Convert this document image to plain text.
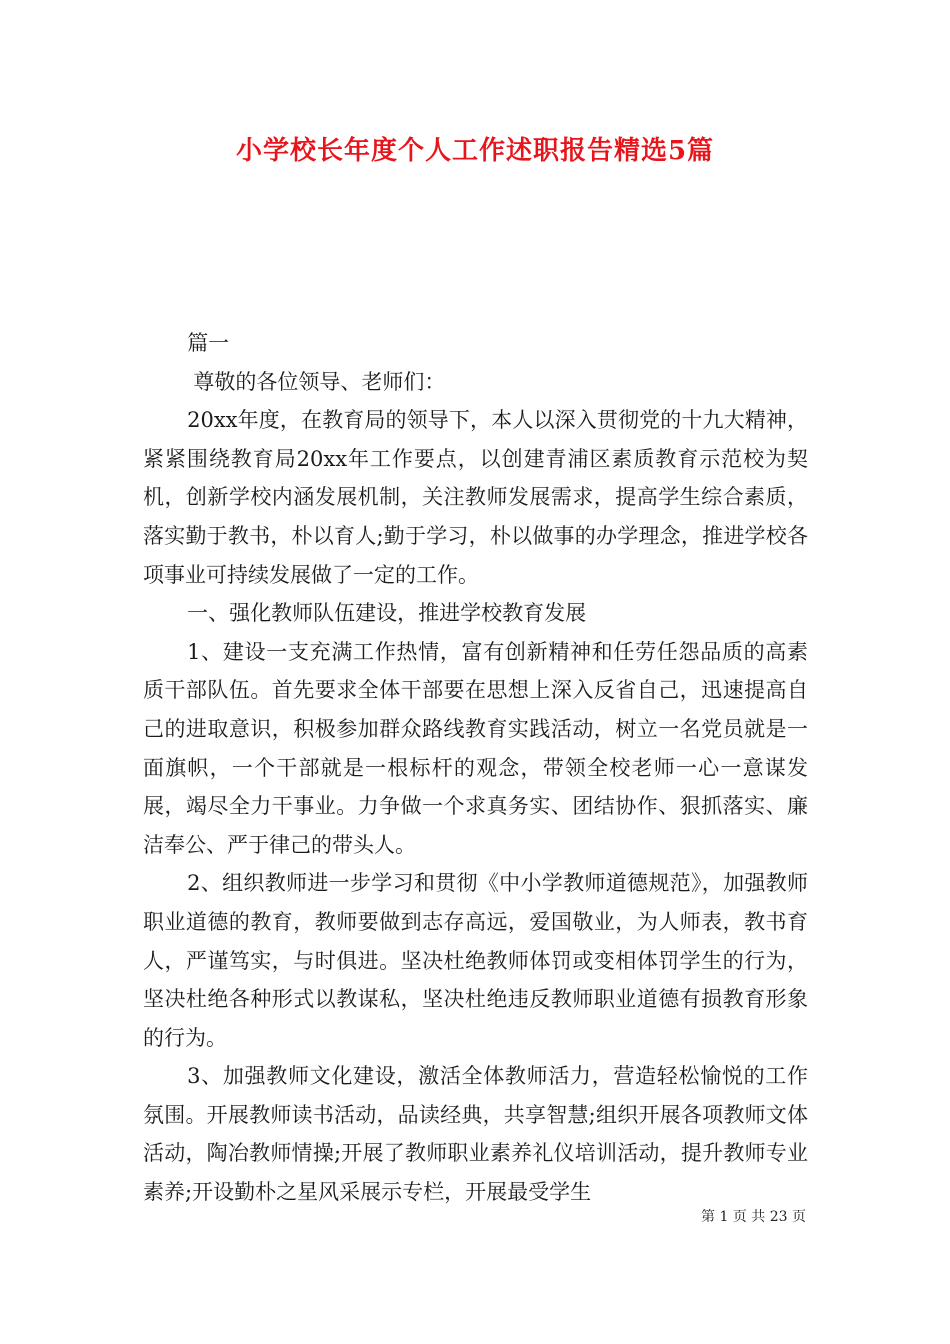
小学校长年度个人工作述职报告精选5篇

篇一

尊敬的各位领导、老师们：

20xx年度，在教育局的领导下，本人以深入贯彻党的十九大精神，紧紧围绕教育局20xx年工作要点，以创建青浦区素质教育示范校为契机，创新学校内涵发展机制，关注教师发展需求，提高学生综合素质，落实勤于教书，朴以育人;勤于学习，朴以做事的办学理念，推进学校各项事业可持续发展做了一定的工作。

一、强化教师队伍建设，推进学校教育发展

1、建设一支充满工作热情，富有创新精神和任劳任怨品质的高素质干部队伍。首先要求全体干部要在思想上深入反省自己，迅速提高自己的进取意识，积极参加群众路线教育实践活动，树立一名党员就是一面旗帜，一个干部就是一根标杆的观念，带领全校老师一心一意谋发展，竭尽全力干事业。力争做一个求真务实、团结协作、狠抓落实、廉洁奉公、严于律己的带头人。

2、组织教师进一步学习和贯彻《中小学教师道德规范》，加强教师职业道德的教育，教师要做到志存高远，爱国敬业，为人师表，教书育人，严谨笃实，与时俱进。坚决杜绝教师体罚或变相体罚学生的行为，坚决杜绝各种形式以教谋私，坚决杜绝违反教师职业道德有损教育形象的行为。

3、加强教师文化建设，激活全体教师活力，营造轻松愉悦的工作氛围。开展教师读书活动，品读经典，共享智慧;组织开展各项教师文体活动，陶冶教师情操;开展了教师职业素养礼仪培训活动，提升教师专业素养;开设勤朴之星风采展示专栏，开展最受学生

第 1 页 共 23 页
